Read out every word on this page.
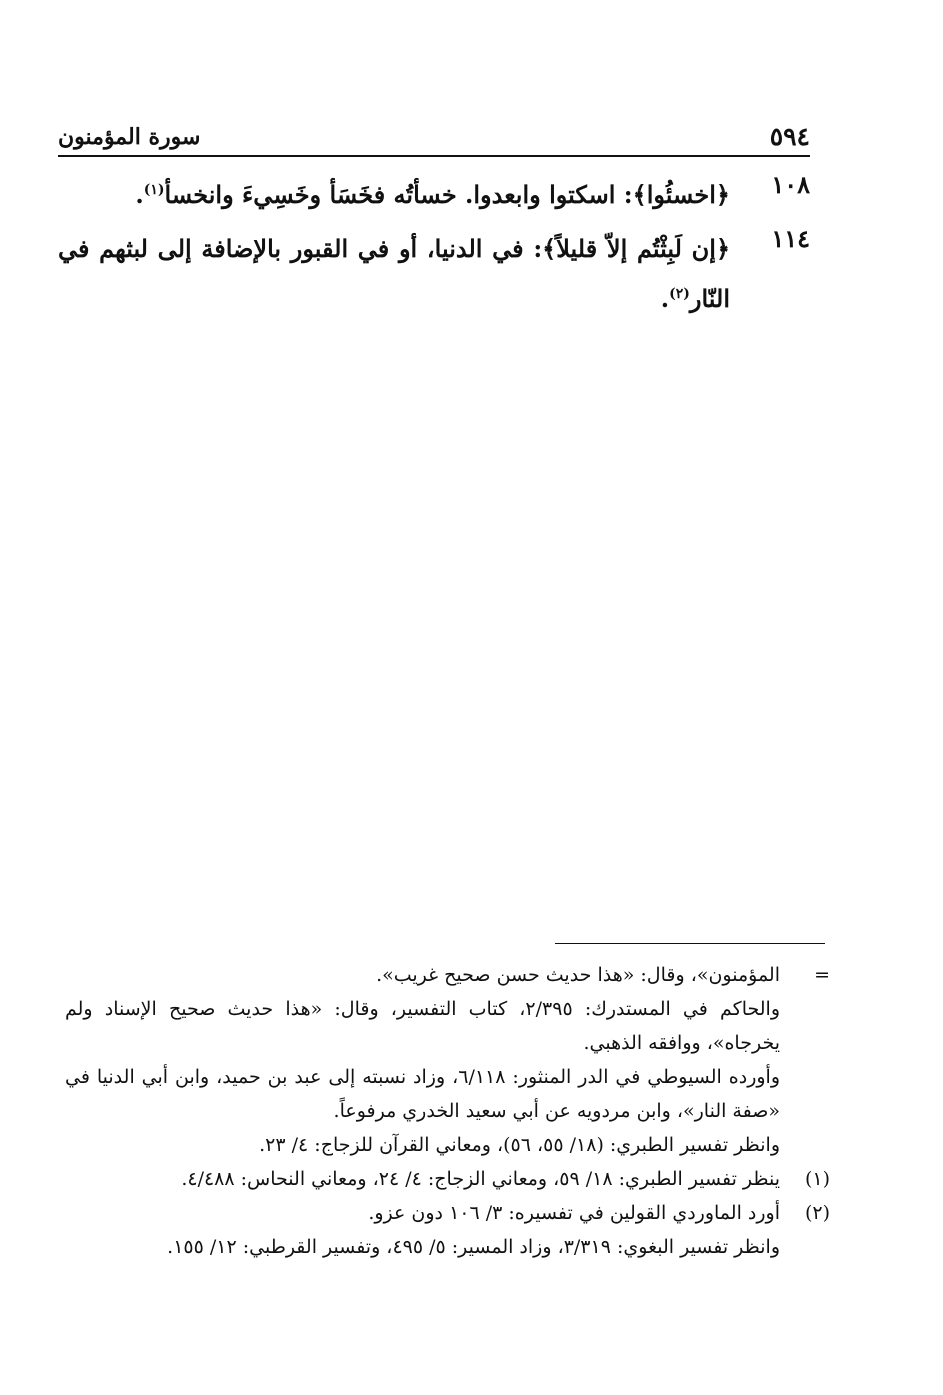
٥٩٤
سورة المؤمنون
١٠٨
﴿اخسئُوا﴾: اسكتوا وابعدوا. خسأتُه فخَسَأ وخَسِيءَ وانخسأ$^{(١)}$.
١١٤
﴿إن لَبِثْتُم إلاّ قليلاً﴾: في الدنيا، أو في القبور بالإضافة إلى لبثهم في النّار$^{(٢)}$.
=
المؤمنون»، وقال: «هذا حديث حسن صحيح غريب».
والحاكم في المستدرك: ٢/٣٩٥، كتاب التفسير، وقال: «هذا حديث صحيح الإسناد ولم يخرجاه»، ووافقه الذهبي.
وأورده السيوطي في الدر المنثور: ٦/١١٨، وزاد نسبته إلى عبد بن حميد، وابن أبي الدنيا في «صفة النار»، وابن مردويه عن أبي سعيد الخدري مرفوعاً.
وانظر تفسير الطبري: (١٨/ ٥٥، ٥٦)، ومعاني القرآن للزجاج: ٤/ ٢٣.
(١)
ينظر تفسير الطبري: ١٨/ ٥٩، ومعاني الزجاج: ٤/ ٢٤، ومعاني النحاس: ٤/٤٨٨.
(٢)
أورد الماوردي القولين في تفسيره: ٣/ ١٠٦ دون عزو.
وانظر تفسير البغوي: ٣/٣١٩، وزاد المسير: ٥/ ٤٩٥، وتفسير القرطبي: ١٢/ ١٥٥.
